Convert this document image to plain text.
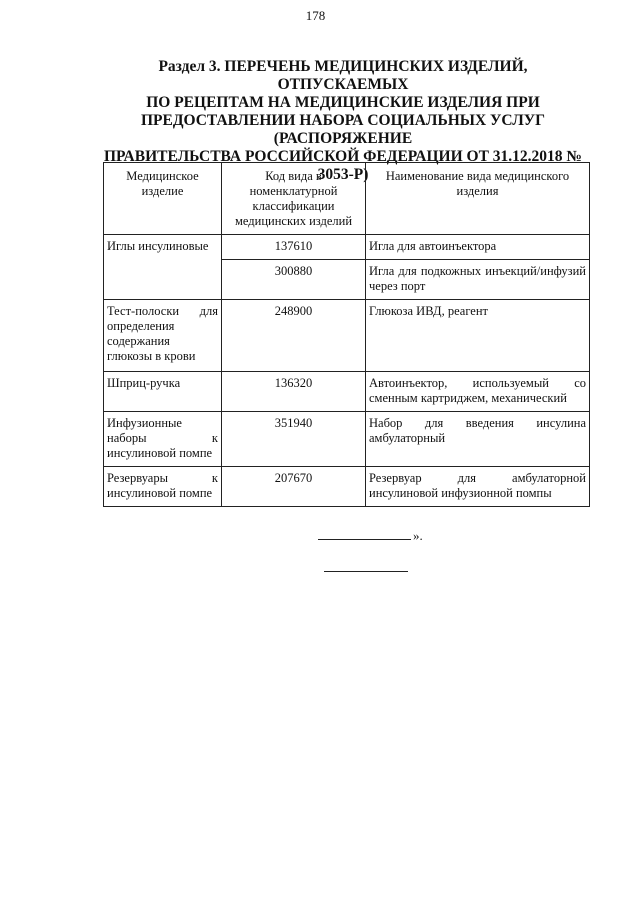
178
Раздел 3. ПЕРЕЧЕНЬ МЕДИЦИНСКИХ ИЗДЕЛИЙ, ОТПУСКАЕМЫХ
ПО РЕЦЕПТАМ НА МЕДИЦИНСКИЕ ИЗДЕЛИЯ ПРИ
ПРЕДОСТАВЛЕНИИ НАБОРА СОЦИАЛЬНЫХ УСЛУГ (РАСПОРЯЖЕНИЕ
ПРАВИТЕЛЬСТВА РОССИЙСКОЙ ФЕДЕРАЦИИ ОТ 31.12.2018 № 3053-Р)
Медицинское изделие	Код вида в номенклатурной классификации медицинских изделий	Наименование вида медицинского изделия
Иглы инсулиновые	137610	Игла для автоинъектора
	300880	Игла для подкожных инъекций/инфузий через порт
Тест-полоски для определения содержания глюкозы в крови	248900	Глюкоза ИВД, реагент
Шприц-ручка	136320	Автоинъектор, используемый со сменным картриджем, механический
Инфузионные наборы к инсулиновой помпе	351940	Набор для введения инсулина амбулаторный
Резервуары к инсулиновой помпе	207670	Резервуар для амбулаторной инсулиновой инфузионной помпы
».
